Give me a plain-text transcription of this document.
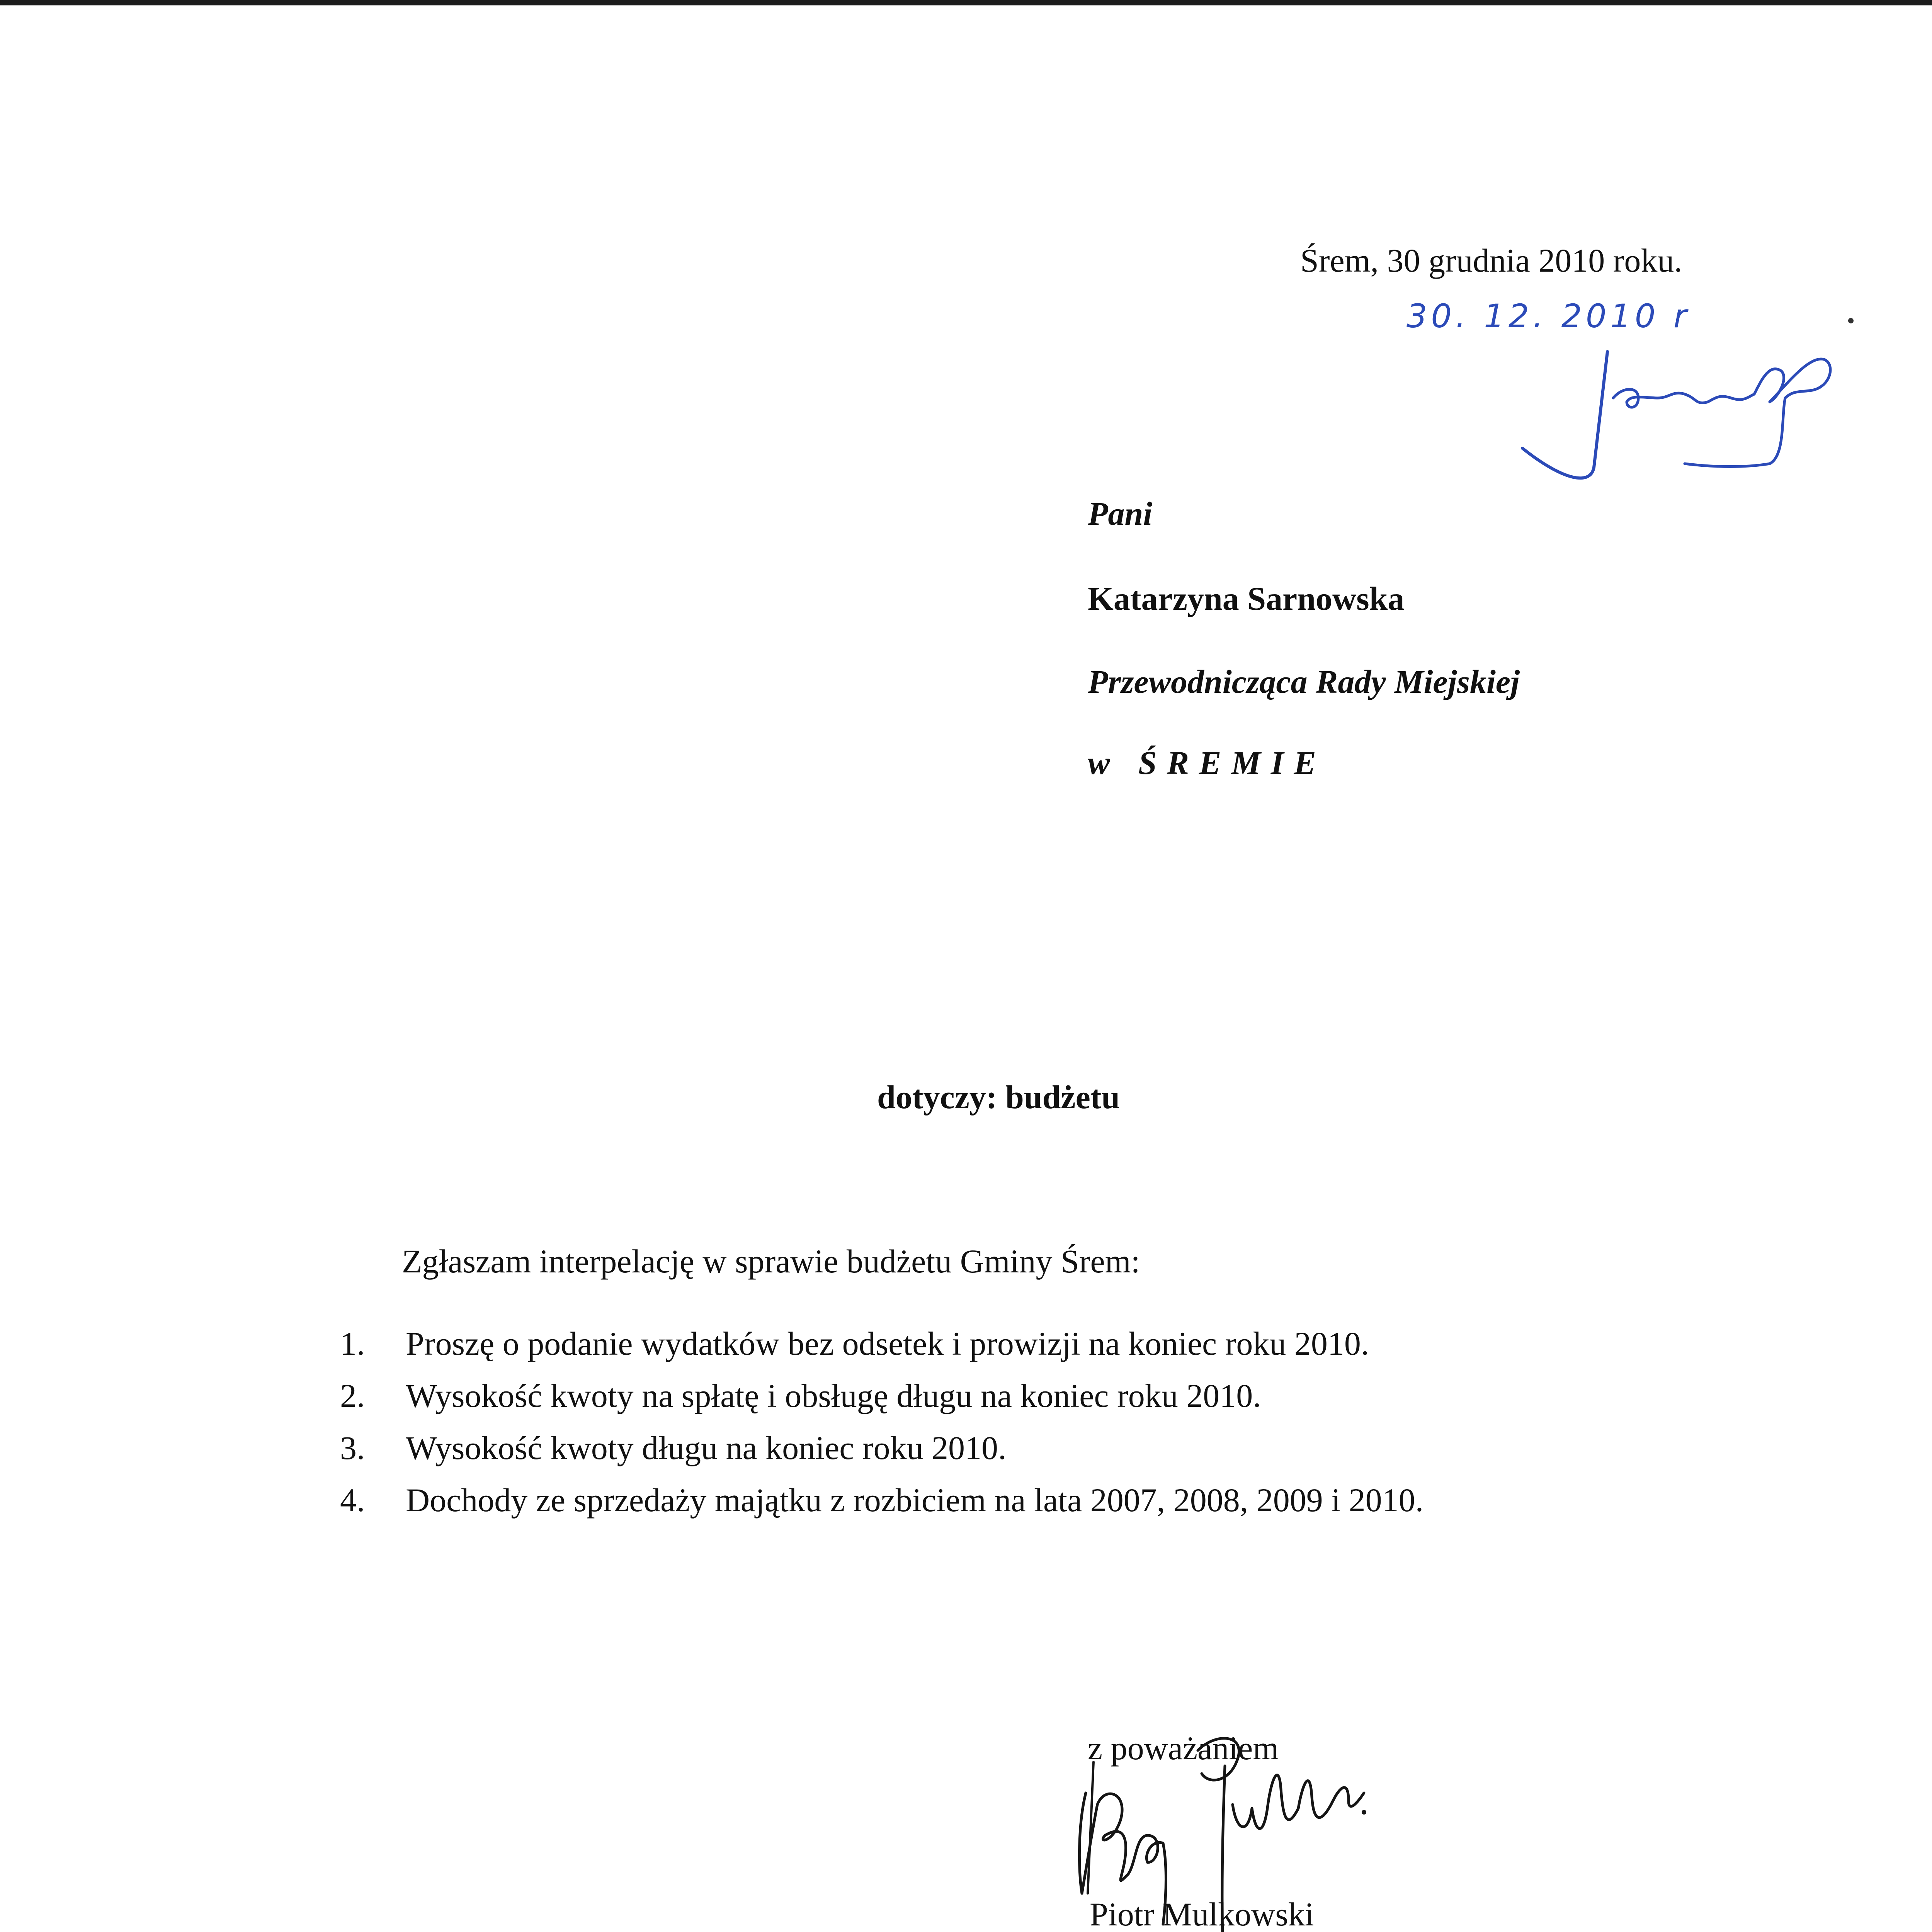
Śrem, 30 grudnia 2010 roku.

30. 12. 2010 r

Pani

Katarzyna Sarnowska

Przewodnicząca Rady Miejskiej

w ŚREMIE

dotyczy: budżetu

Zgłaszam interpelację w sprawie budżetu Gminy Śrem:

1. Proszę o podanie wydatków bez odsetek i prowizji na koniec roku 2010.
2. Wysokość kwoty na spłatę i obsługę długu na koniec roku 2010.
3. Wysokość kwoty długu na koniec roku 2010.
4. Dochody ze sprzedaży majątku z rozbiciem na lata 2007, 2008, 2009 i 2010.

z poważaniem

Piotr Mulkowski
